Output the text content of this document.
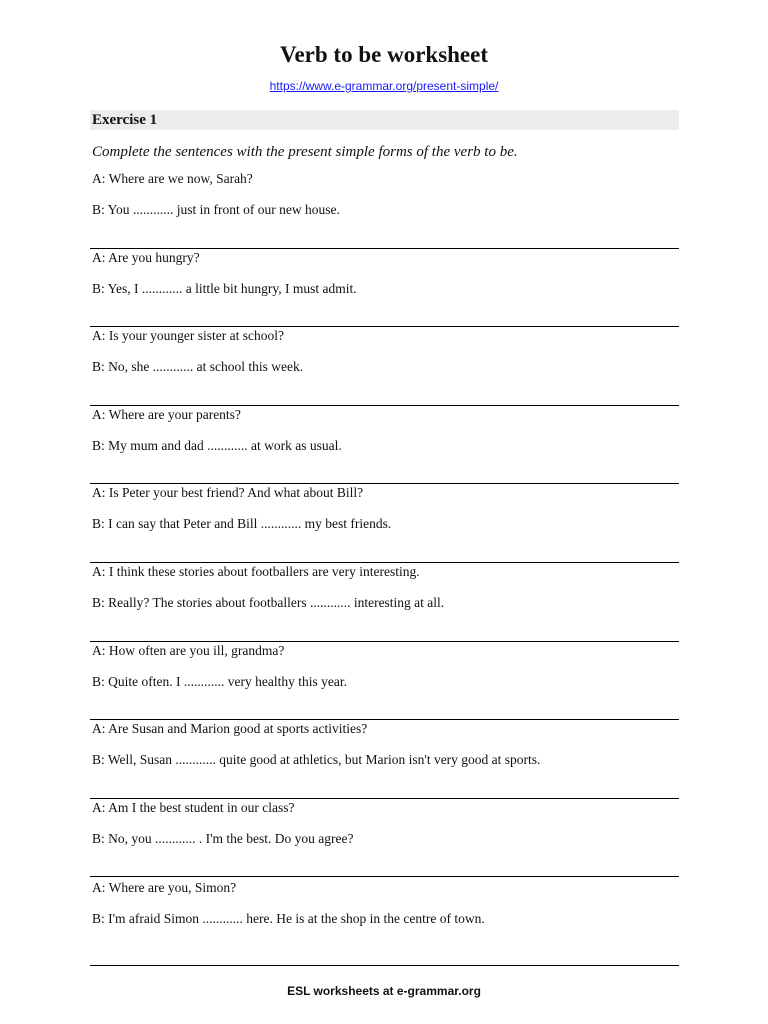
Verb to be worksheet
https://www.e-grammar.org/present-simple/
Exercise 1
Complete the sentences with the present simple forms of the verb to be.
A: Where are we now, Sarah?
B: You ............ just in front of our new house.
A: Are you hungry?
B: Yes, I ............ a little bit hungry, I must admit.
A: Is your younger sister at school?
B: No, she ............ at school this week.
A: Where are your parents?
B: My mum and dad ............ at work as usual.
A: Is Peter your best friend? And what about Bill?
B: I can say that Peter and Bill ............ my best friends.
A: I think these stories about footballers are very interesting.
B: Really? The stories about footballers ............ interesting at all.
A: How often are you ill, grandma?
B: Quite often. I ............ very healthy this year.
A: Are Susan and Marion good at sports activities?
B: Well, Susan ............ quite good at athletics, but Marion isn't very good at sports.
A: Am I the best student in our class?
B: No, you ............ . I'm the best. Do you agree?
A: Where are you, Simon?
B: I'm afraid Simon ............ here. He is at the shop in the centre of town.
ESL worksheets at e-grammar.org
